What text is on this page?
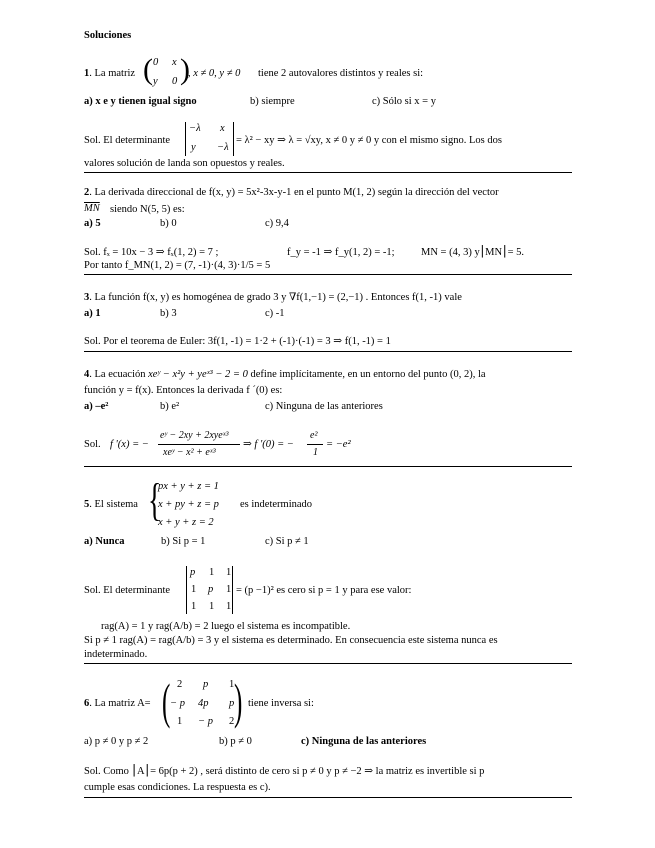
Soluciones
1. La matriz ( 0 x
y 0 )
, x ≠ 0, y ≠ 0 tiene 2 autovalores distintos y reales si:
a) x e y tienen igual signo	b) siempre	c) Sólo si x = y
Sol. El determinante
−λ x
y −λ
= λ² − xy ⇒ λ = √xy, x ≠ 0 y ≠ 0 y con el mismo signo. Los dos
valores solución de landa son opuestos y reales.
2. La derivada direccional de f(x, y) = 5x²-3x-y-1 en el punto M(1, 2) según la dirección del vector
$\overline{MN}$ siendo N(5, 5) es:
a) 5	b) 0	c) 9,4
Sol. fₓ = 10x − 3 ⇒ fₓ(1, 2) = 7 ;	f_y = -1 ⇒ f_y(1, 2) = -1;	MN = (4, 3) y⎮MN⎮= 5.
Por tanto f_MN(1, 2) = (7, -1)·(4, 3)·1/5 = 5
3. La función f(x, y) es homogénea de grado 3 y ∇f(1,−1) = (2,−1) . Entonces f(1, -1) vale
a) 1	b) 3	c) -1
Sol. Por el teorema de Euler: 3f(1, -1) = 1·2 + (-1)·(-1) = 3 ⇒ f(1, -1) = 1
4. La ecuación xeʸ − x²y + yeˣ³ − 2 = 0 define implícitamente, en un entorno del punto (0, 2), la
función y = f(x). Entonces la derivada f ´(0) es:
a) –e²	b) e²	c) Ninguna de las anteriores
Sol. f '(x) = −
eʸ − 2xy + 2xyeˣ³
xeʸ − x² + eˣ³
⇒ f '(0) = −
e²
1
= −e²
5. El sistema {
px + y + z = 1
x + py + z = p
x + y + z = 2
es indeterminado
a) Nunca	b) Si p = 1	c) Si p ≠ 1
Sol. El determinante
p 1 1
1 p 1
1 1 1
= (p −1)² es cero si p = 1 y para ese valor:
rag(A) = 1 y rag(A/b) = 2 luego el sistema es incompatible.
Si p ≠ 1 rag(A) = rag(A/b) = 3 y el sistema es determinado. En consecuencia este sistema nunca es
indeterminado.
6. La matriz A= ( 2 p 1
− p 4p p
1 − p 2 ) tiene inversa si:
a) p ≠ 0 y p ≠ 2	b) p ≠ 0	c) Ninguna de las anteriores
Sol. Como ⎮A⎮= 6p(p + 2) , será distinto de cero si p ≠ 0 y p ≠ −2 ⇒ la matriz es invertible si p
cumple esas condiciones. La respuesta es c).
